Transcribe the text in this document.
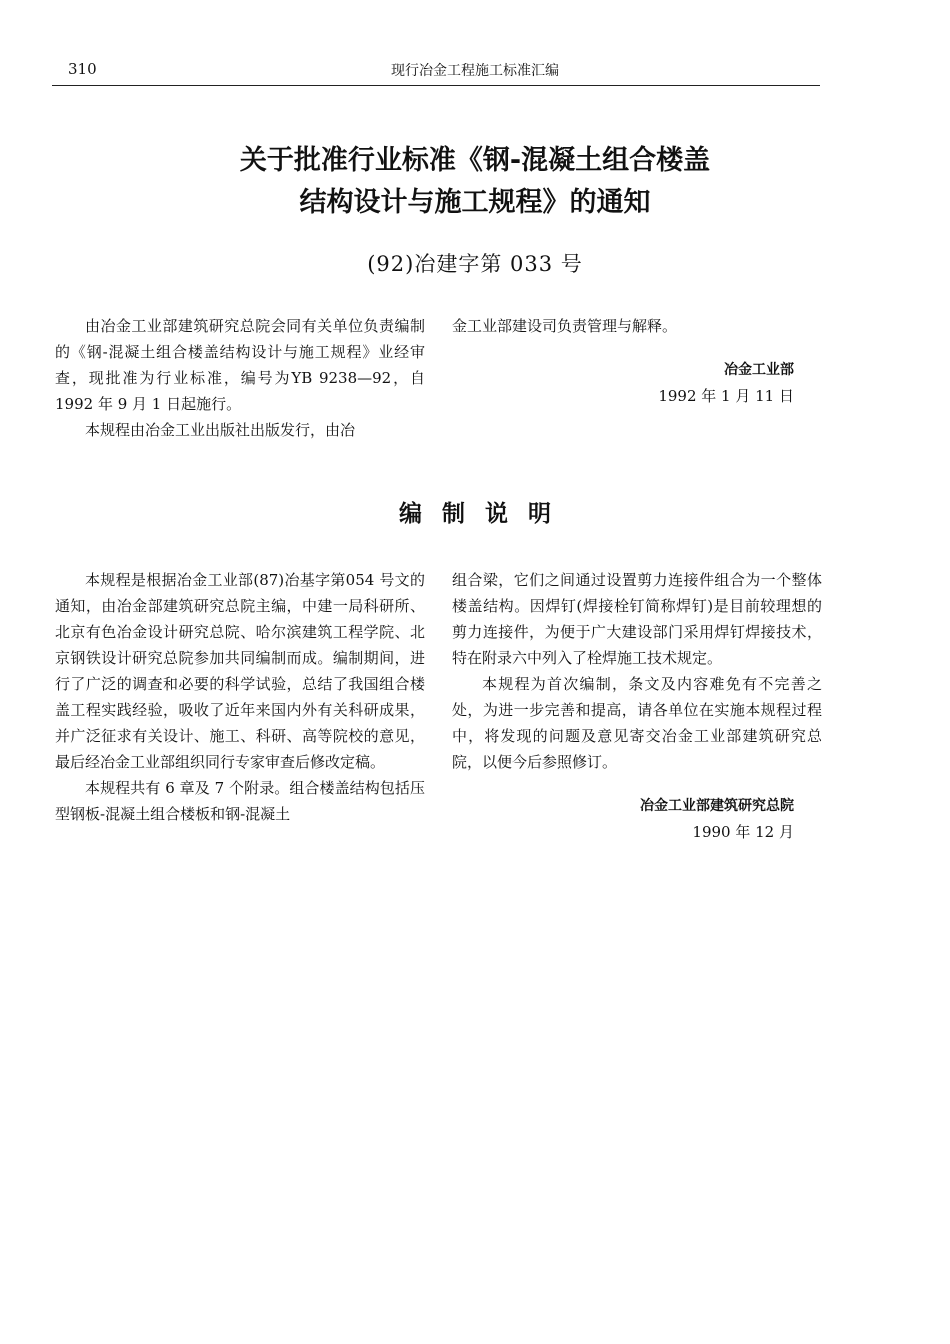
310	现行冶金工程施工标准汇编
关于批准行业标准《钢-混凝土组合楼盖
结构设计与施工规程》的通知
(92)冶建字第 033 号

由冶金工业部建筑研究总院会同有关单位负责编制的《钢-混凝土组合楼盖结构设计与施工规程》业经审查，现批准为行业标准，编号为YB 9238—92，自 1992 年 9 月 1 日起施行。

本规程由冶金工业出版社出版发行，由冶

金工业部建设司负责管理与解释。

冶金工业部
1992 年 1 月 11 日
编制说明

本规程是根据冶金工业部(87)冶基字第054 号文的通知，由冶金部建筑研究总院主编，中建一局科研所、北京有色冶金设计研究总院、哈尔滨建筑工程学院、北京钢铁设计研究总院参加共同编制而成。编制期间，进行了广泛的调查和必要的科学试验，总结了我国组合楼盖工程实践经验，吸收了近年来国内外有关科研成果，并广泛征求有关设计、施工、科研、高等院校的意见，最后经冶金工业部组织同行专家审查后修改定稿。

本规程共有 6 章及 7 个附录。组合楼盖结构包括压型钢板-混凝土组合楼板和钢-混凝土

组合梁，它们之间通过设置剪力连接件组合为一个整体楼盖结构。因焊钉(焊接栓钉简称焊钉)是目前较理想的剪力连接件，为便于广大建设部门采用焊钉焊接技术，特在附录六中列入了栓焊施工技术规定。

本规程为首次编制，条文及内容难免有不完善之处，为进一步完善和提高，请各单位在实施本规程过程中，将发现的问题及意见寄交冶金工业部建筑研究总院，以便今后参照修订。

冶金工业部建筑研究总院
1990 年 12 月
